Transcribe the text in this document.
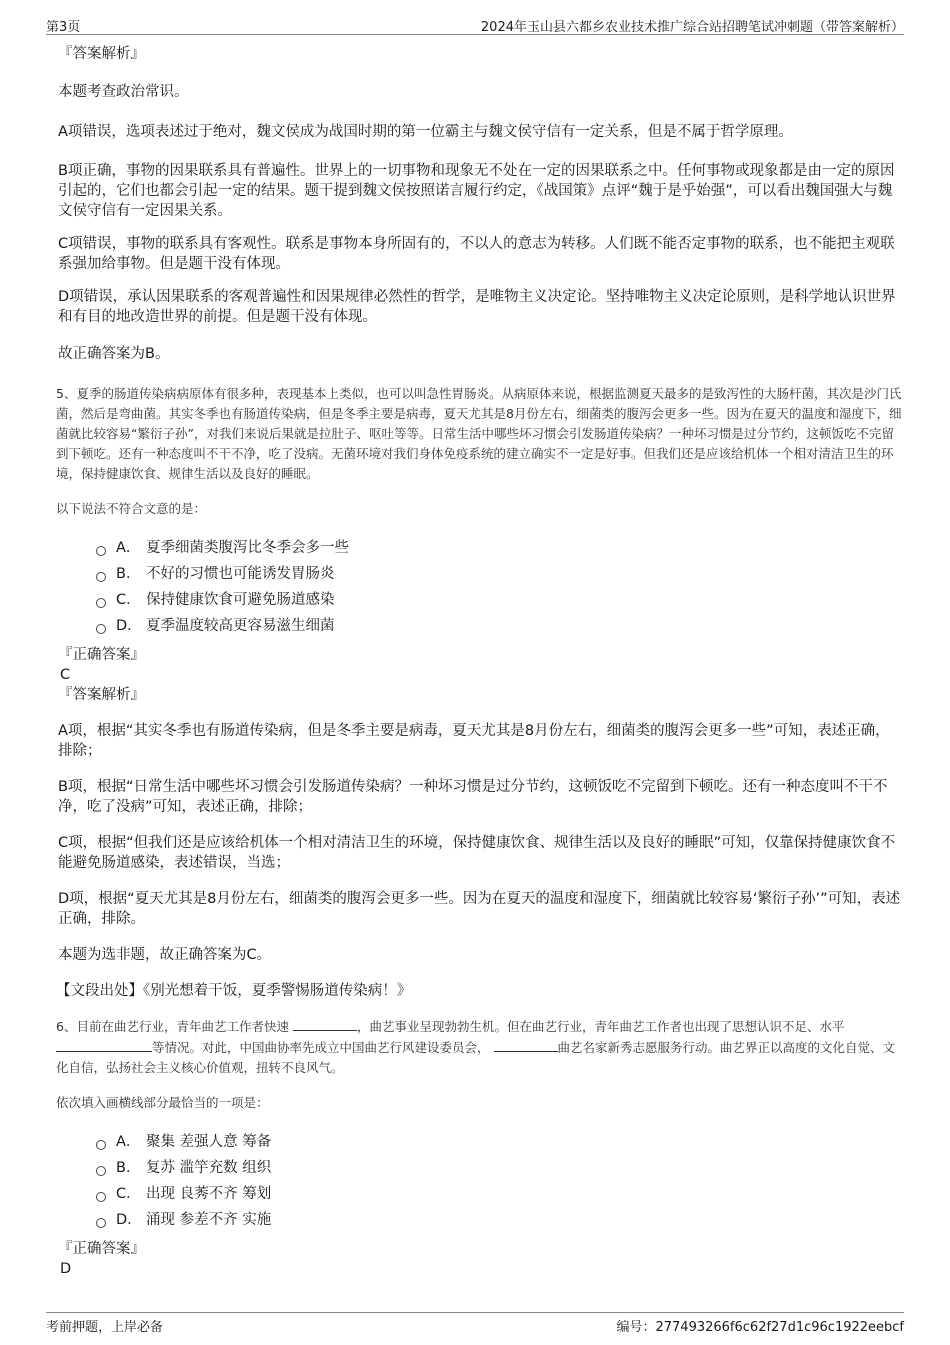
第3页	2024年玉山县六都乡农业技术推广综合站招聘笔试冲刺题（带答案解析）

『答案解析』

本题考查政治常识。

A项错误，选项表述过于绝对，魏文侯成为战国时期的第一位霸主与魏文侯守信有一定关系，但是不属于哲学原理。

B项正确，事物的因果联系具有普遍性。世界上的一切事物和现象无不处在一定的因果联系之中。任何事物或现象都是由一定的原因引起的，它们也都会引起一定的结果。题干提到魏文侯按照诺言履行约定，《战国策》点评“魏于是乎始强”，可以看出魏国强大与魏文侯守信有一定因果关系。

C项错误，事物的联系具有客观性。联系是事物本身所固有的，不以人的意志为转移。人们既不能否定事物的联系，也不能把主观联系强加给事物。但是题干没有体现。

D项错误，承认因果联系的客观普遍性和因果规律必然性的哲学，是唯物主义决定论。坚持唯物主义决定论原则，是科学地认识世界和有目的地改造世界的前提。但是题干没有体现。

故正确答案为B。

5、夏季的肠道传染病病原体有很多种，表现基本上类似，也可以叫急性胃肠炎。从病原体来说，根据监测夏天最多的是致泻性的大肠杆菌，其次是沙门氏菌，然后是弯曲菌。其实冬季也有肠道传染病，但是冬季主要是病毒，夏天尤其是8月份左右，细菌类的腹泻会更多一些。因为在夏天的温度和湿度下，细菌就比较容易“繁衍子孙”，对我们来说后果就是拉肚子、呕吐等等。日常生活中哪些坏习惯会引发肠道传染病？一种坏习惯是过分节约，这顿饭吃不完留到下顿吃。还有一种态度叫不干不净，吃了没病。无菌环境对我们身体免疫系统的建立确实不一定是好事。但我们还是应该给机体一个相对清洁卫生的环境，保持健康饮食、规律生活以及良好的睡眠。

以下说法不符合文意的是：

A． 夏季细菌类腹泻比冬季会多一些
B． 不好的习惯也可能诱发胃肠炎
C． 保持健康饮食可避免肠道感染
D． 夏季温度较高更容易滋生细菌

『正确答案』

C

『答案解析』

A项，根据“其实冬季也有肠道传染病，但是冬季主要是病毒，夏天尤其是8月份左右，细菌类的腹泻会更多一些”可知，表述正确，排除；

B项，根据“日常生活中哪些坏习惯会引发肠道传染病？一种坏习惯是过分节约，这顿饭吃不完留到下顿吃。还有一种态度叫不干不净，吃了没病”可知，表述正确，排除；

C项，根据“但我们还是应该给机体一个相对清洁卫生的环境，保持健康饮食、规律生活以及良好的睡眠”可知，仅靠保持健康饮食不能避免肠道感染，表述错误，当选；

D项，根据“夏天尤其是8月份左右，细菌类的腹泻会更多一些。因为在夏天的温度和湿度下，细菌就比较容易‘繁衍子孙’”可知，表述正确，排除。

本题为选非题，故正确答案为C。

【文段出处】《别光想着干饭，夏季警惕肠道传染病！》

6、目前在曲艺行业，青年曲艺工作者快速	，曲艺事业呈现勃勃生机。但在曲艺行业，青年曲艺工作者也出现了思想认识不足、水平
等情况。对此，中国曲协率先成立中国曲艺行风建设委员会，	曲艺名家新秀志愿服务行动。曲艺界正以高度的文化自觉、文化自信，弘扬社会主义核心价值观，扭转不良风气。

依次填入画横线部分最恰当的一项是：

A． 聚集 差强人意 筹备
B． 复苏 滥竽充数 组织
C． 出现 良莠不齐 筹划
D． 涌现 参差不齐 实施

『正确答案』

D

考前押题，上岸必备	编号：277493266f6c62f27d1c96c1922eebcf
